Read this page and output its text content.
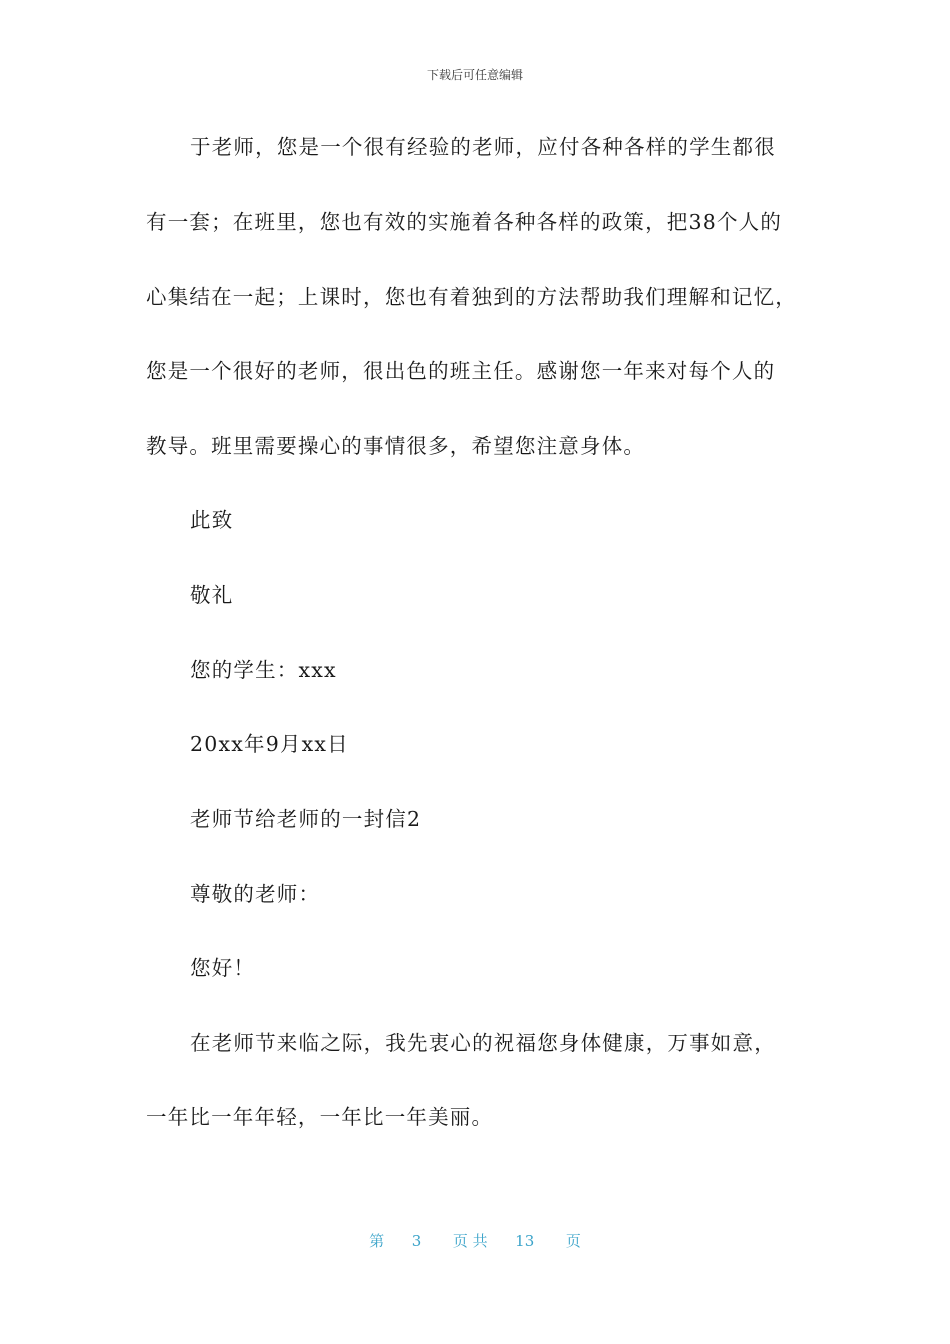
下载后可任意编辑

于老师，您是一个很有经验的老师，应付各种各样的学生都很

有一套；在班里，您也有效的实施着各种各样的政策，把38个人的

心集结在一起；上课时，您也有着独到的方法帮助我们理解和记忆，

您是一个很好的老师，很出色的班主任。感谢您一年来对每个人的

教导。班里需要操心的事情很多，希望您注意身体。

此致

敬礼

您的学生：xxx

20xx年9月xx日

老师节给老师的一封信2

尊敬的老师：

您好！

在老师节来临之际，我先衷心的祝福您身体健康，万事如意，

一年比一年年轻，一年比一年美丽。

第 3 页 共 13 页
